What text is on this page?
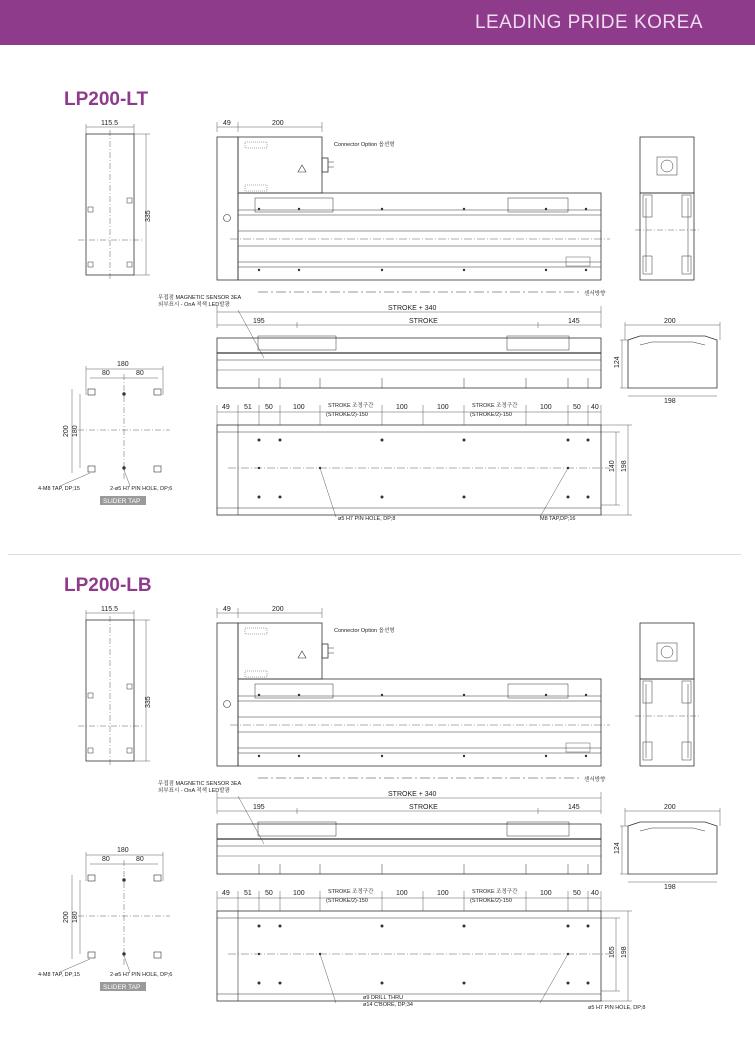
LEADING PRIDE KOREA
LP200-LT
LP200-LB
115.5
335
49	200
Connector Option 옵션형
센서방향
무접점 MAGNETIC SENSOR 3EA
외부표시 - OnA 적색 LED발광	STROKE + 340
195	STROKE	145	200
124
198
180
80	80
200 180
4-M8 TAP, DP;15	2-ø5 H7 PIN HOLE, DP;6
SLIDER TAP
49 51 50	100	STROKE 조정구간
(STROKE/2)-150
100	100	STROKE 조정구간
(STROKE/2)-150
100	50 40
140 198
ø5 H7 PIN HOLE, DP;8	M8 TAP,DP;16
115.5
335
49	200
Connector Option 옵션형
센서방향
무접점 MAGNETIC SENSOR 3EA
외부표시 - OnA 적색 LED발광	STROKE + 340
195	STROKE	145	200
124
198
180
80	80
200 180
4-M8 TAP, DP;15	2-ø5 H7 PIN HOLE, DP;6
SLIDER TAP
49 51 50	100	STROKE 조정구간
(STROKE/2)-150
100	100	STROKE 조정구간
(STROKE/2)-150
100	50 40
165 198
ø9 DRILL THRU
ø14 C'BORE, DP;34	ø5 H7 PIN HOLE, DP;8
